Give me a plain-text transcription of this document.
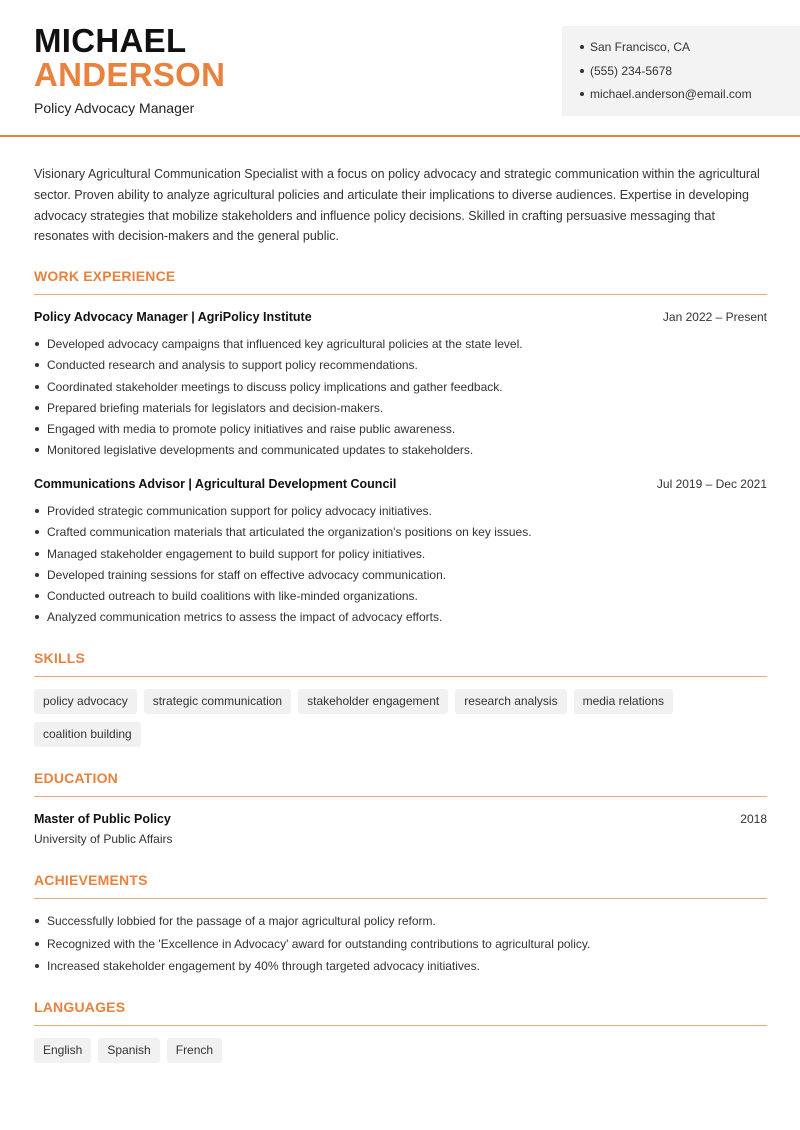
MICHAEL
ANDERSON
Policy Advocacy Manager
San Francisco, CA
(555) 234-5678
michael.anderson@email.com

Visionary Agricultural Communication Specialist with a focus on policy advocacy and strategic communication within the agricultural sector. Proven ability to analyze agricultural policies and articulate their implications to diverse audiences. Expertise in developing advocacy strategies that mobilize stakeholders and influence policy decisions. Skilled in crafting persuasive messaging that resonates with decision-makers and the general public.

WORK EXPERIENCE
Policy Advocacy Manager | AgriPolicy Institute	Jan 2022 – Present
Developed advocacy campaigns that influenced key agricultural policies at the state level.
Conducted research and analysis to support policy recommendations.
Coordinated stakeholder meetings to discuss policy implications and gather feedback.
Prepared briefing materials for legislators and decision-makers.
Engaged with media to promote policy initiatives and raise public awareness.
Monitored legislative developments and communicated updates to stakeholders.
Communications Advisor | Agricultural Development Council	Jul 2019 – Dec 2021
Provided strategic communication support for policy advocacy initiatives.
Crafted communication materials that articulated the organization's positions on key issues.
Managed stakeholder engagement to build support for policy initiatives.
Developed training sessions for staff on effective advocacy communication.
Conducted outreach to build coalitions with like-minded organizations.
Analyzed communication metrics to assess the impact of advocacy efforts.
SKILLS
policy advocacy	strategic communication	stakeholder engagement	research analysis	media relations
coalition building
EDUCATION
Master of Public Policy	2018
University of Public Affairs
ACHIEVEMENTS
Successfully lobbied for the passage of a major agricultural policy reform.
Recognized with the 'Excellence in Advocacy' award for outstanding contributions to agricultural policy.
Increased stakeholder engagement by 40% through targeted advocacy initiatives.
LANGUAGES
English	Spanish	French
